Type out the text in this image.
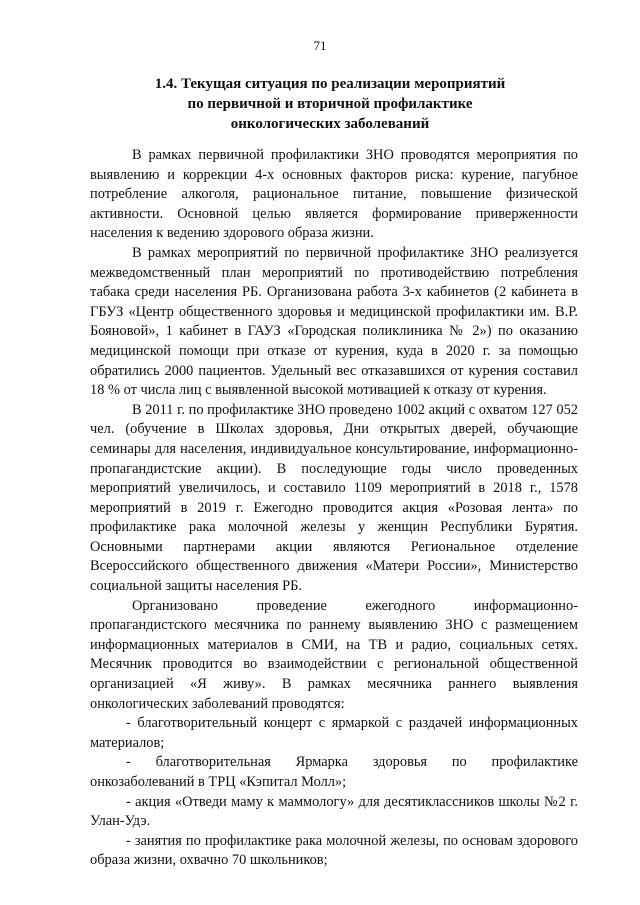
71
1.4. Текущая ситуация по реализации мероприятий
по первичной и вторичной профилактике
онкологических заболеваний

В рамках первичной профилактики ЗНО проводятся мероприятия по выявлению и коррекции 4-х основных факторов риска: курение, пагубное потребление алкоголя, рациональное питание, повышение физической активности. Основной целью является формирование приверженности населения к ведению здорового образа жизни.

В рамках мероприятий по первичной профилактике ЗНО реализуется межведомственный план мероприятий по противодействию потребления табака среди населения РБ. Организована работа 3-х кабинетов (2 кабинета в ГБУЗ «Центр общественного здоровья и медицинской профилактики им. В.Р. Бояновой», 1 кабинет в ГАУЗ «Городская поликлиника № 2») по оказанию медицинской помощи при отказе от курения, куда в 2020 г. за помощью обратились 2000 пациентов. Удельный вес отказавшихся от курения составил 18 % от числа лиц с выявленной высокой мотивацией к отказу от курения.

В 2011 г. по профилактике ЗНО проведено 1002 акций с охватом 127 052 чел. (обучение в Школах здоровья, Дни открытых дверей, обучающие семинары для населения, индивидуальное консультирование, информационно-пропагандистские акции). В последующие годы число проведенных мероприятий увеличилось, и составило 1109 мероприятий в 2018 г., 1578 мероприятий в 2019 г. Ежегодно проводится акция «Розовая лента» по профилактике рака молочной железы у женщин Республики Бурятия. Основными партнерами акции являются Региональное отделение Всероссийского общественного движения «Матери России», Министерство социальной защиты населения РБ.

Организовано проведение ежегодного информационно-пропагандистского месячника по раннему выявлению ЗНО с размещением информационных материалов в СМИ, на ТВ и радио, социальных сетях. Месячник проводится во взаимодействии с региональной общественной организацией «Я живу». В рамках месячника раннего выявления онкологических заболеваний проводятся:

- благотворительный концерт с ярмаркой с раздачей информационных материалов;

- благотворительная Ярмарка здоровья по профилактике онкозаболеваний в ТРЦ «Кэпитал Молл»;

- акция «Отведи маму к маммологу» для десятиклассников школы №2 г. Улан-Удэ.

- занятия по профилактике рака молочной железы, по основам здорового образа жизни, охвачно 70 школьников;
